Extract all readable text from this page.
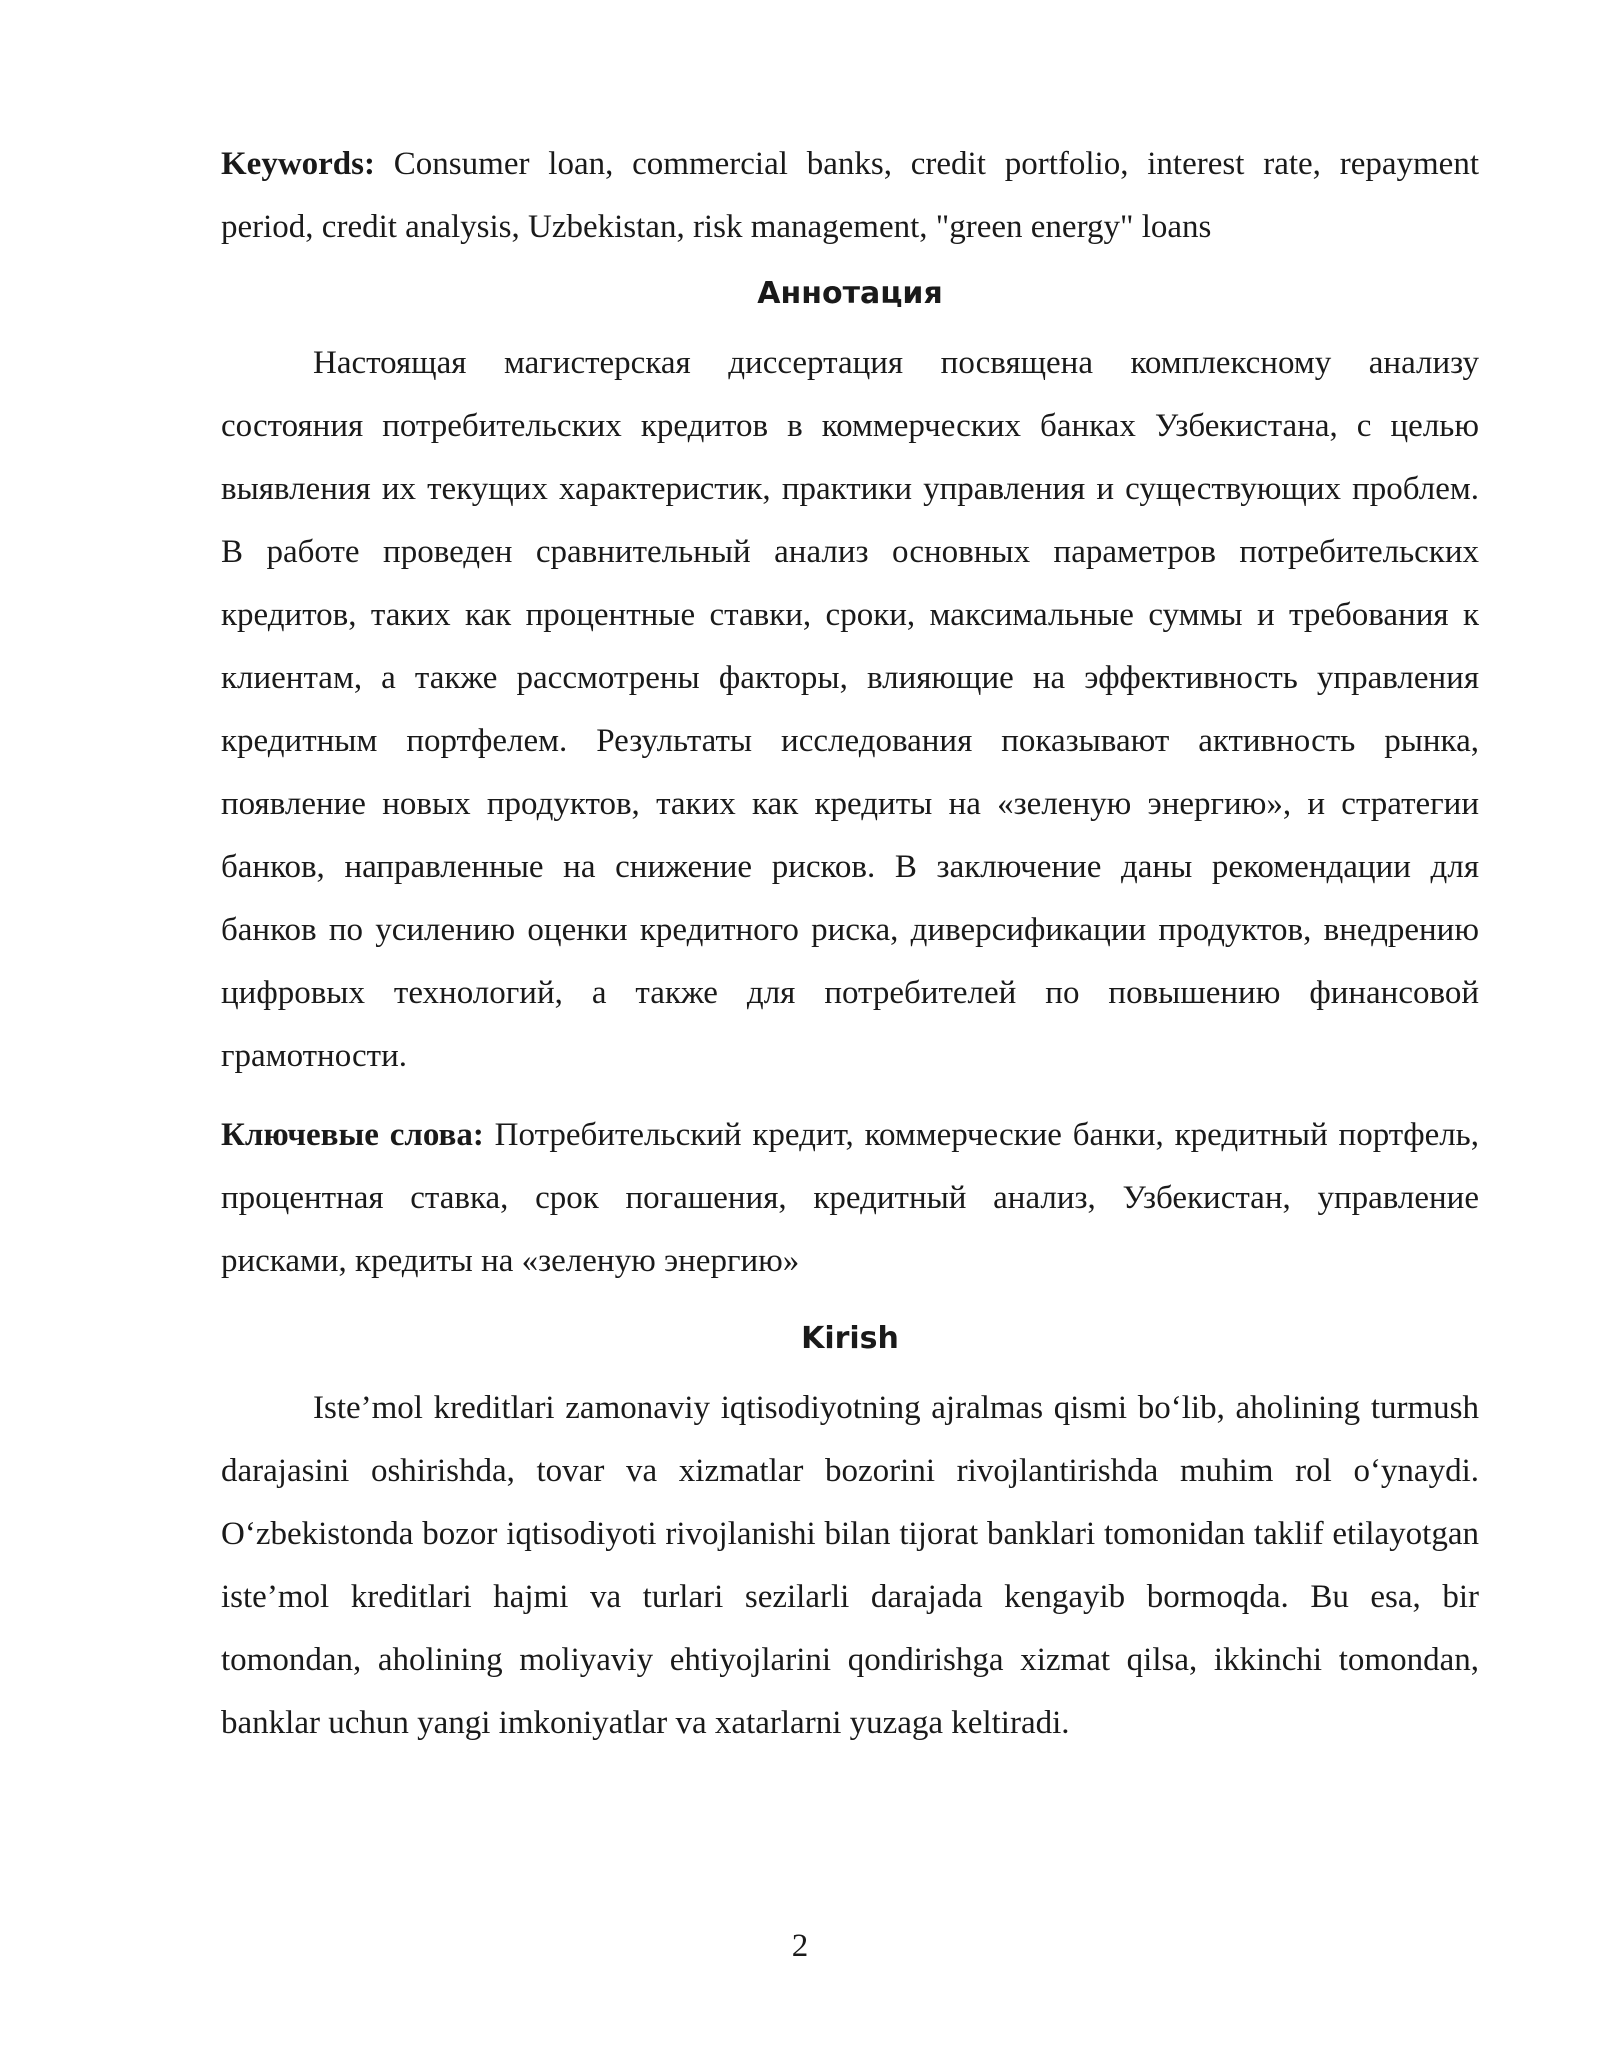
Keywords: Consumer loan, commercial banks, credit portfolio, interest rate, repayment period, credit analysis, Uzbekistan, risk management, "green energy" loans

Аннотация

Настоящая магистерская диссертация посвящена комплексному анализу состояния потребительских кредитов в коммерческих банках Узбекистана, с целью выявления их текущих характеристик, практики управления и существующих проблем. В работе проведен сравнительный анализ основных параметров потребительских кредитов, таких как процентные ставки, сроки, максимальные суммы и требования к клиентам, а также рассмотрены факторы, влияющие на эффективность управления кредитным портфелем. Результаты исследования показывают активность рынка, появление новых продуктов, таких как кредиты на «зеленую энергию», и стратегии банков, направленные на снижение рисков. В заключение даны рекомендации для банков по усилению оценки кредитного риска, диверсификации продуктов, внедрению цифровых технологий, а также для потребителей по повышению финансовой грамотности.

Ключевые слова: Потребительский кредит, коммерческие банки, кредитный портфель, процентная ставка, срок погашения, кредитный анализ, Узбекистан, управление рисками, кредиты на «зеленую энергию»

Kirish

Iste’mol kreditlari zamonaviy iqtisodiyotning ajralmas qismi bo‘lib, aholining turmush darajasini oshirishda, tovar va xizmatlar bozorini rivojlantirishda muhim rol o‘ynaydi. O‘zbekistonda bozor iqtisodiyoti rivojlanishi bilan tijorat banklari tomonidan taklif etilayotgan iste’mol kreditlari hajmi va turlari sezilarli darajada kengayib bormoqda. Bu esa, bir tomondan, aholining moliyaviy ehtiyojlarini qondirishga xizmat qilsa, ikkinchi tomondan, banklar uchun yangi imkoniyatlar va xatarlarni yuzaga keltiradi.

2
